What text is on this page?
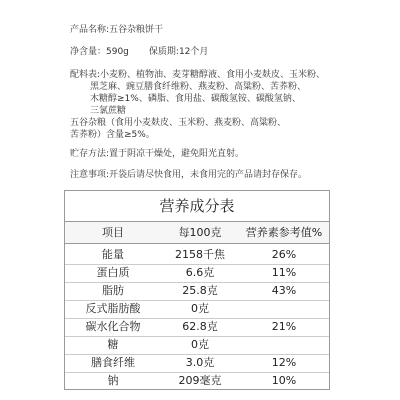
产品名称:五谷杂粮饼干
净含量：590g 保质期:12个月
配料表:小麦粉、植物油、麦芽糖醇液、食用小麦麸皮、玉米粉、
黑芝麻、豌豆膳食纤维粉、燕麦粉、高粱粉、苦荞粉、
木糖醇≥1%、磷脂、食用盐、碳酸氢铵、碳酸氢钠、
三氯蔗糖
五谷杂粮（食用小麦麸皮、玉米粉、燕麦粉、高粱粉、
苦荞粉）含量≥5%。
贮存方法:置于阴凉干燥处，避免阳光直射。
注意事项:开袋后请尽快食用，未食用完的产品请封存保存。
营养成分表
项目	每100克	营养素参考值%
能量	2158千焦	26%
蛋白质	6.6克	11%
脂肪	25.8克	43%
反式脂肪酸	0克
碳水化合物	62.8克	21%
糖	0克
膳食纤维	3.0克	12%
钠	209毫克	10%
